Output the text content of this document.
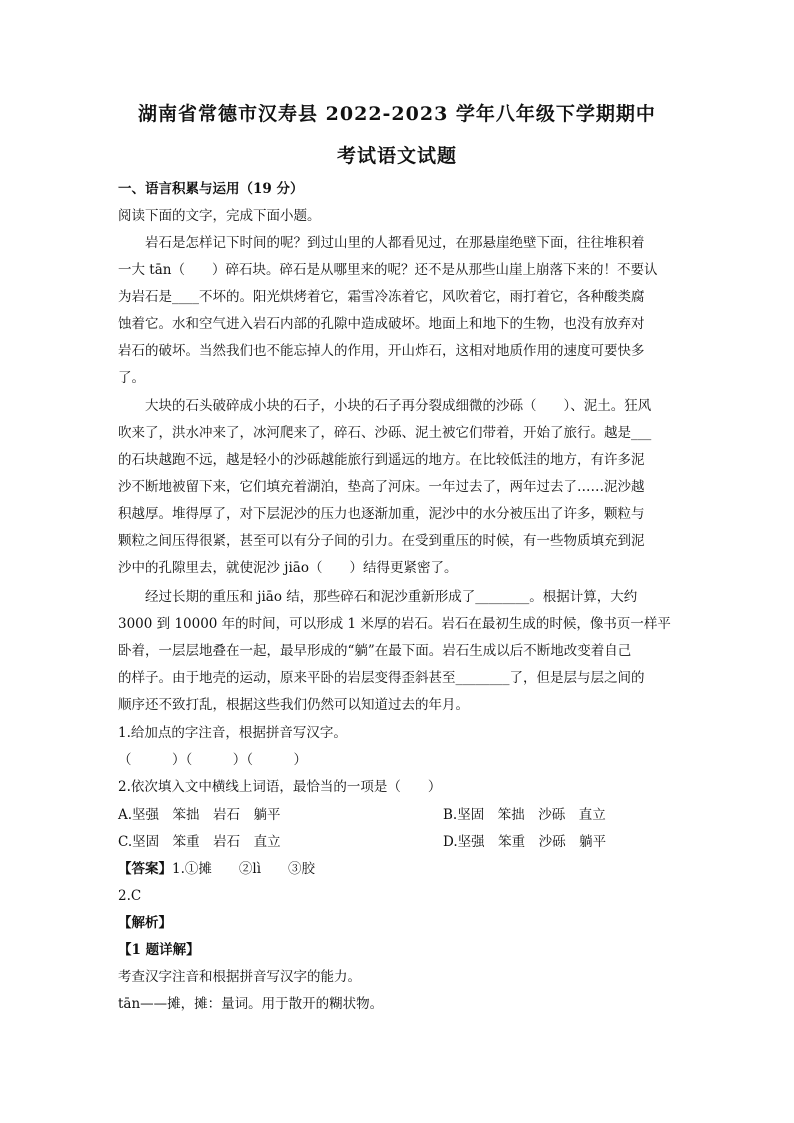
湖南省常德市汉寿县 2022-2023 学年八年级下学期期中
考试语文试题
一、语言积累与运用（19 分）
阅读下面的文字，完成下面小题。
　　岩石是怎样记下时间的呢？到过山里的人都看见过，在那悬崖绝壁下面，往往堆积着
一大 tān（　　）碎石块。碎石是从哪里来的呢？还不是从那些山崖上崩落下来的！不要认
为岩石是____不坏的。阳光烘烤着它，霜雪冷冻着它，风吹着它，雨打着它，各种酸类腐
蚀着它。水和空气进入岩石内部的孔隙中造成破坏。地面上和地下的生物，也没有放弃对
岩石的破坏。当然我们也不能忘掉人的作用，开山炸石，这相对地质作用的速度可要快多
了。
　　大块的石头破碎成小块的石子，小块的石子再分裂成细微的沙砾（　　）、泥土。狂风
吹来了，洪水冲来了，冰河爬来了，碎石、沙砾、泥土被它们带着，开始了旅行。越是___
的石块越跑不远，越是轻小的沙砾越能旅行到遥远的地方。在比较低洼的地方，有许多泥
沙不断地被留下来，它们填充着湖泊，垫高了河床。一年过去了，两年过去了……泥沙越
积越厚。堆得厚了，对下层泥沙的压力也逐渐加重，泥沙中的水分被压出了许多，颗粒与
颗粒之间压得很紧，甚至可以有分子间的引力。在受到重压的时候，有一些物质填充到泥
沙中的孔隙里去，就使泥沙 jiāo（　　）结得更紧密了。
　　经过长期的重压和 jiāo 结，那些碎石和泥沙重新形成了________。根据计算，大约
3000 到 10000 年的时间，可以形成 1 米厚的岩石。岩石在最初生成的时候，像书页一样平
卧着，一层层地叠在一起，最早形成的“躺”在最下面。岩石生成以后不断地改变着自己
的样子。由于地壳的运动，原来平卧的岩层变得歪斜甚至________了，但是层与层之间的
顺序还不致打乱，根据这些我们仍然可以知道过去的年月。
1.给加点的字注音，根据拼音写汉字。
（　　　）（　　　）（　　　）
2.依次填入文中横线上词语，最恰当的一项是（　　）
A.坚强　笨拙　岩石　躺平	B.坚固　笨拙　沙砾　直立
C.坚固　笨重　岩石　直立	D.坚强　笨重　沙砾　躺平
【答案】1.①摊　　②lì　　③胶
2.C
【解析】
【1 题详解】
考查汉字注音和根据拼音写汉字的能力。
tān——摊，摊：量词。用于散开的糊状物。
